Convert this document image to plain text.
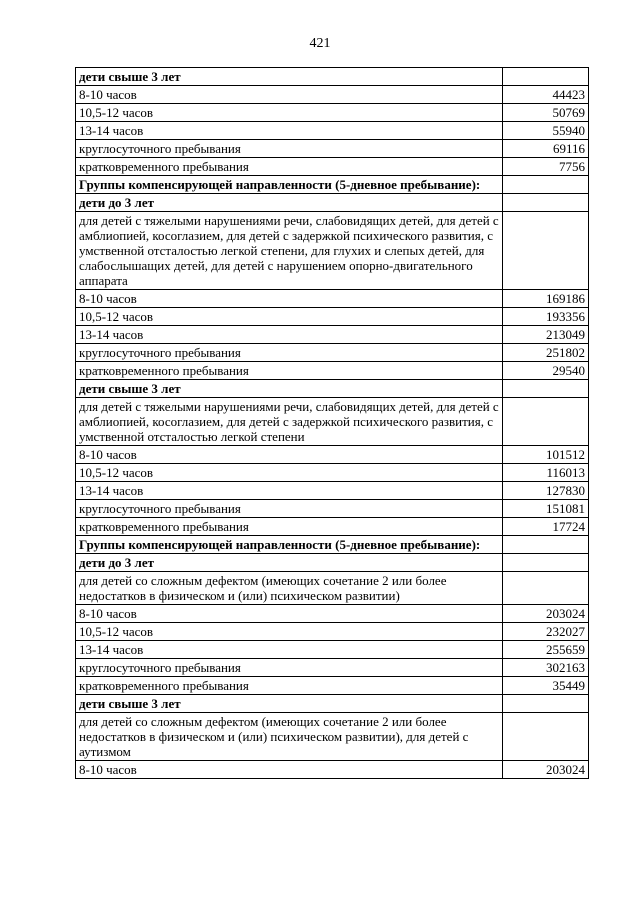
421
дети свыше 3 лет	
8-10 часов	44423
10,5-12 часов	50769
13-14 часов	55940
круглосуточного пребывания	69116
кратковременного пребывания	7756
Группы компенсирующей направленности (5-дневное пребывание):	
дети до 3 лет	
для детей с тяжелыми нарушениями речи, слабовидящих детей, для детей с амблиопией, косоглазием, для детей с задержкой психического развития, с умственной отсталостью легкой степени, для глухих и слепых детей, для слабослышащих детей, для детей с нарушением опорно-двигательного аппарата	
8-10 часов	169186
10,5-12 часов	193356
13-14 часов	213049
круглосуточного пребывания	251802
кратковременного пребывания	29540
дети свыше 3 лет	
для детей с тяжелыми нарушениями речи, слабовидящих детей, для детей с амблиопией, косоглазием, для детей с задержкой психического развития, с умственной отсталостью легкой степени	
8-10 часов	101512
10,5-12 часов	116013
13-14 часов	127830
круглосуточного пребывания	151081
кратковременного пребывания	17724
Группы компенсирующей направленности (5-дневное пребывание):	
дети до 3 лет	
для детей со сложным дефектом (имеющих сочетание 2 или более недостатков в физическом и (или) психическом развитии)	
8-10 часов	203024
10,5-12 часов	232027
13-14 часов	255659
круглосуточного пребывания	302163
кратковременного пребывания	35449
дети свыше 3 лет	
для детей со сложным дефектом (имеющих сочетание 2 или более недостатков в физическом и (или) психическом развитии), для детей с аутизмом	
8-10 часов	203024
